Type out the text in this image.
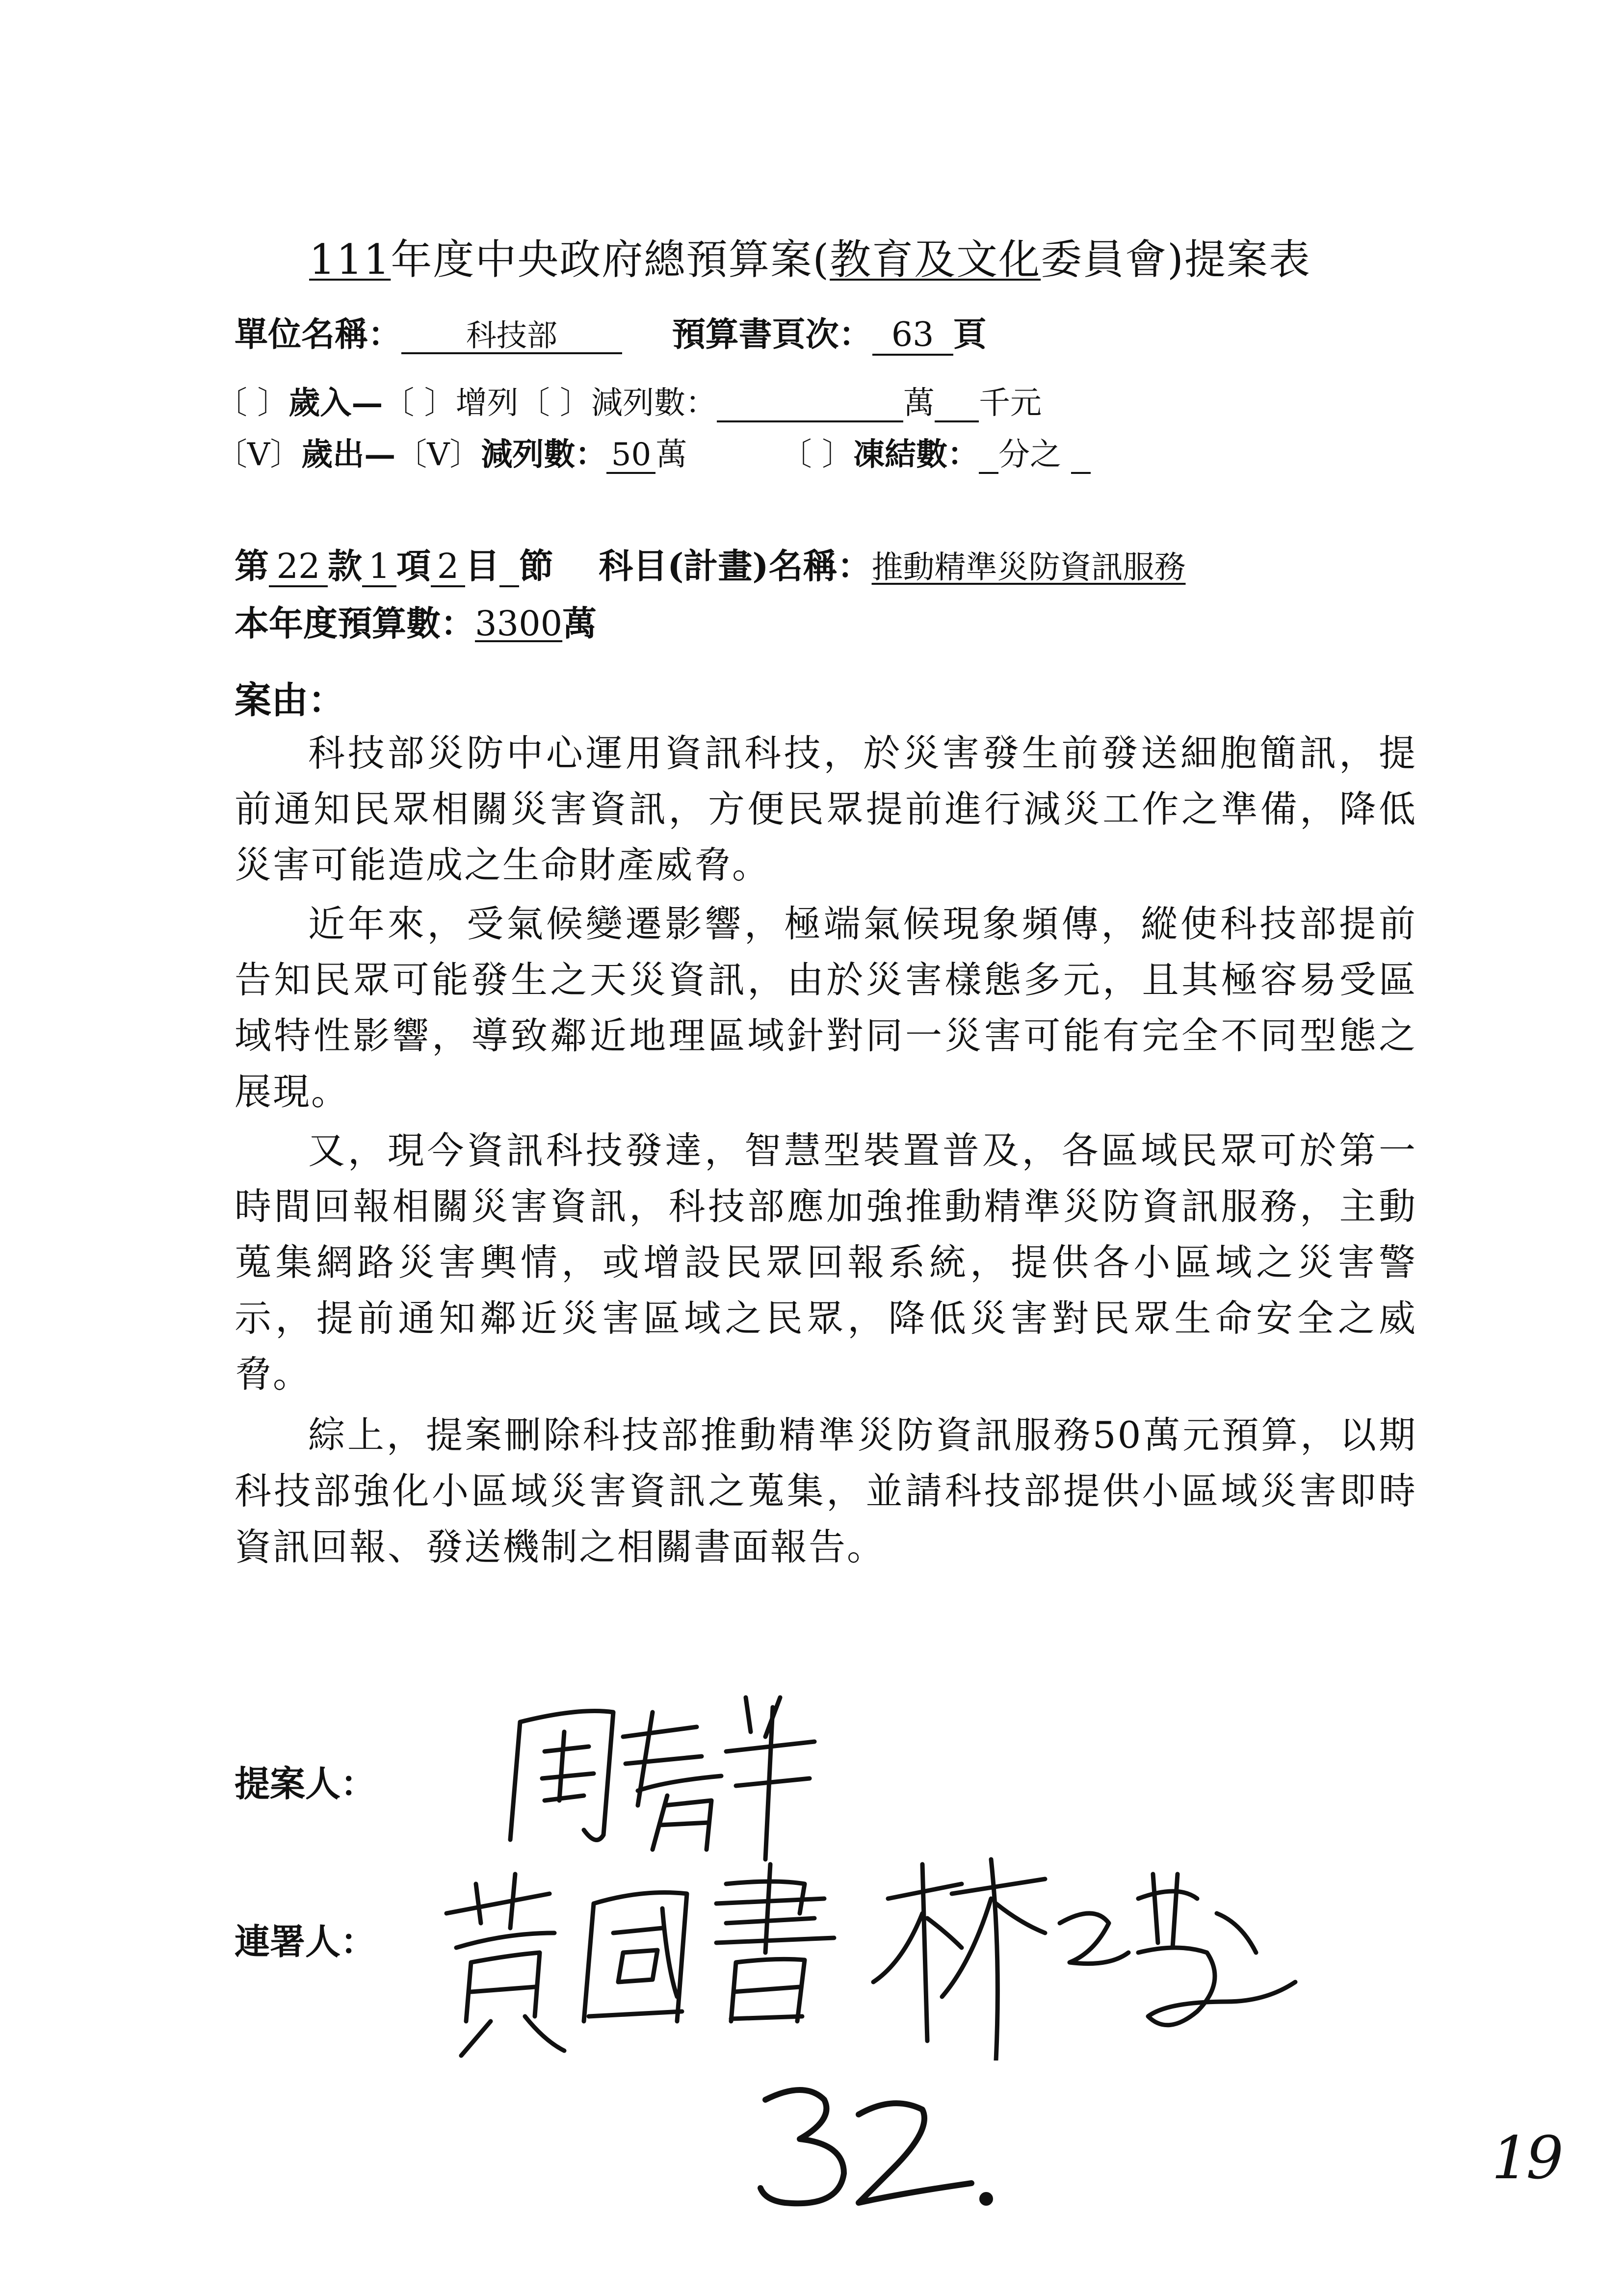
111年度中央政府總預算案(教育及文化委員會)提案表
單位名稱： 科技部	預算書頁次： 63 頁
〔 〕歲入—〔 〕增列〔 〕減列數：	萬 千元
〔V〕歲出—〔V〕減列數： 50 萬	〔 〕凍結數： 分之
第 22 款 1 項 2 目 節 科目(計畫)名稱：推動精準災防資訊服務
本年度預算數：3300萬
案由：
科技部災防中心運用資訊科技，於災害發生前發送細胞簡訊，提前通知民眾相關災害資訊，方便民眾提前進行減災工作之準備，降低災害可能造成之生命財產威脅。
近年來，受氣候變遷影響，極端氣候現象頻傳，縱使科技部提前告知民眾可能發生之天災資訊，由於災害樣態多元，且其極容易受區域特性影響，導致鄰近地理區域針對同一災害可能有完全不同型態之展現。
又，現今資訊科技發達，智慧型裝置普及，各區域民眾可於第一時間回報相關災害資訊，科技部應加強推動精準災防資訊服務，主動蒐集網路災害輿情，或增設民眾回報系統，提供各小區域之災害警示，提前通知鄰近災害區域之民眾，降低災害對民眾生命安全之威脅。
綜上，提案刪除科技部推動精準災防資訊服務50萬元預算，以期科技部強化小區域災害資訊之蒐集，並請科技部提供小區域災害即時資訊回報、發送機制之相關書面報告。
提案人：
連署人：
19
